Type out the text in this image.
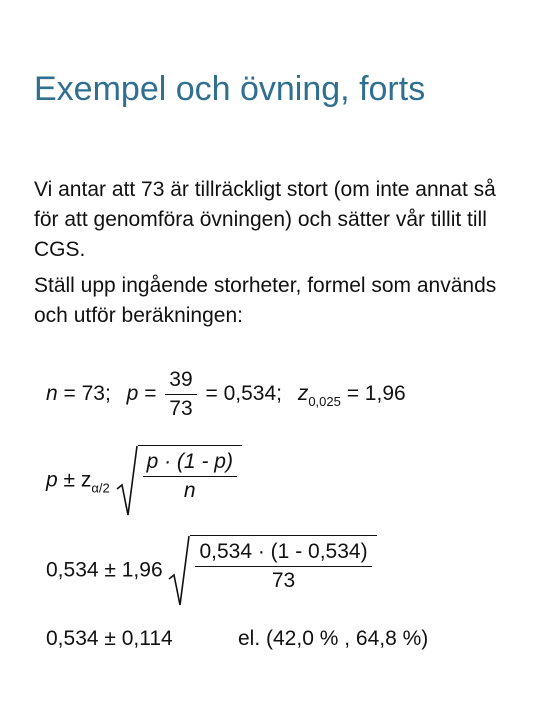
Exempel och övning, forts

Vi antar att 73 är tillräckligt stort (om inte annat så för att genomföra övningen) och sätter vår tillit till CGS.

Ställ upp ingående storheter, formel som används och utför beräkningen:

n = 73; $p = \frac{39}{73} = 0,534$; $z_{0,025} = 1,96$
$p \pm z_{\alpha/2} \frac{p \cdot (1 - p)}{n}$
$0,534 \pm 1,96 \frac{0,534 \cdot (1 - 0,534)}{73}$
0,534 ± 0,114	el. (42,0 % , 64,8 %)
